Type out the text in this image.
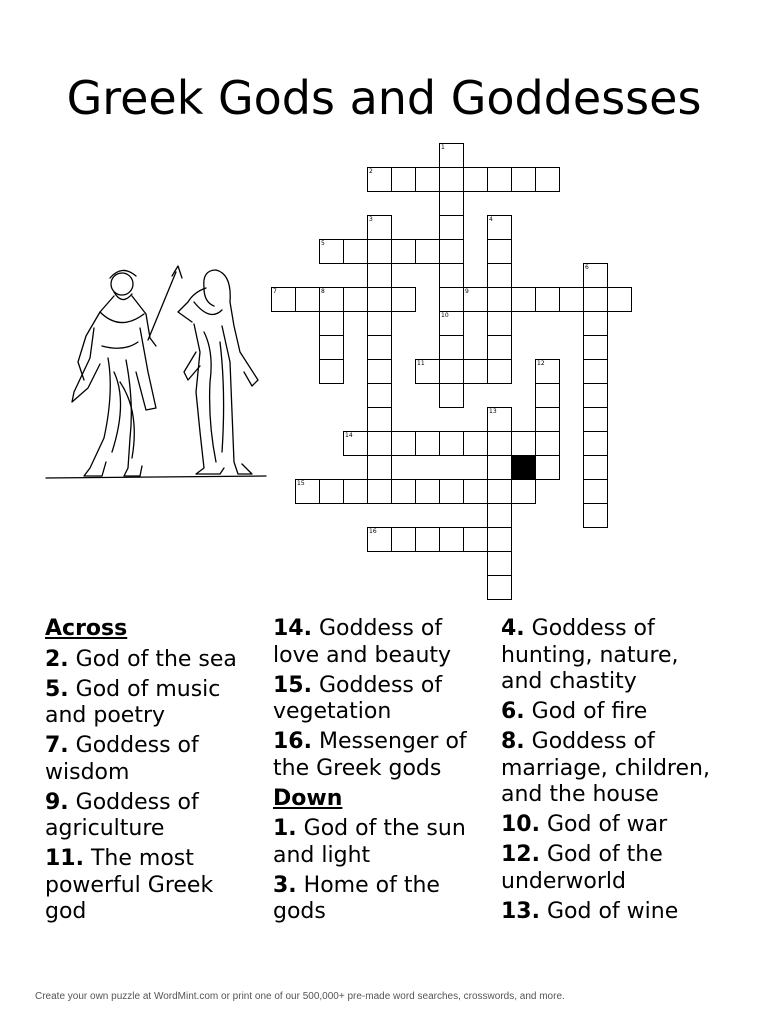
Greek Gods and Goddesses
2
5
7	8	9
11
14
15
16
1
10
3	4
6
12
13
Across
2. God of the sea
5. God of music and poetry
7. Goddess of wisdom
9. Goddess of agriculture
11. The most powerful Greek god
14. Goddess of love and beauty
15. Goddess of vegetation
16. Messenger of the Greek gods
Down
1. God of the sun and light
3. Home of the gods
4. Goddess of hunting, nature, and chastity
6. God of fire
8. Goddess of marriage, children, and the house
10. God of war
12. God of the underworld
13. God of wine
Create your own puzzle at WordMint.com or print one of our 500,000+ pre-made word searches, crosswords, and more.
